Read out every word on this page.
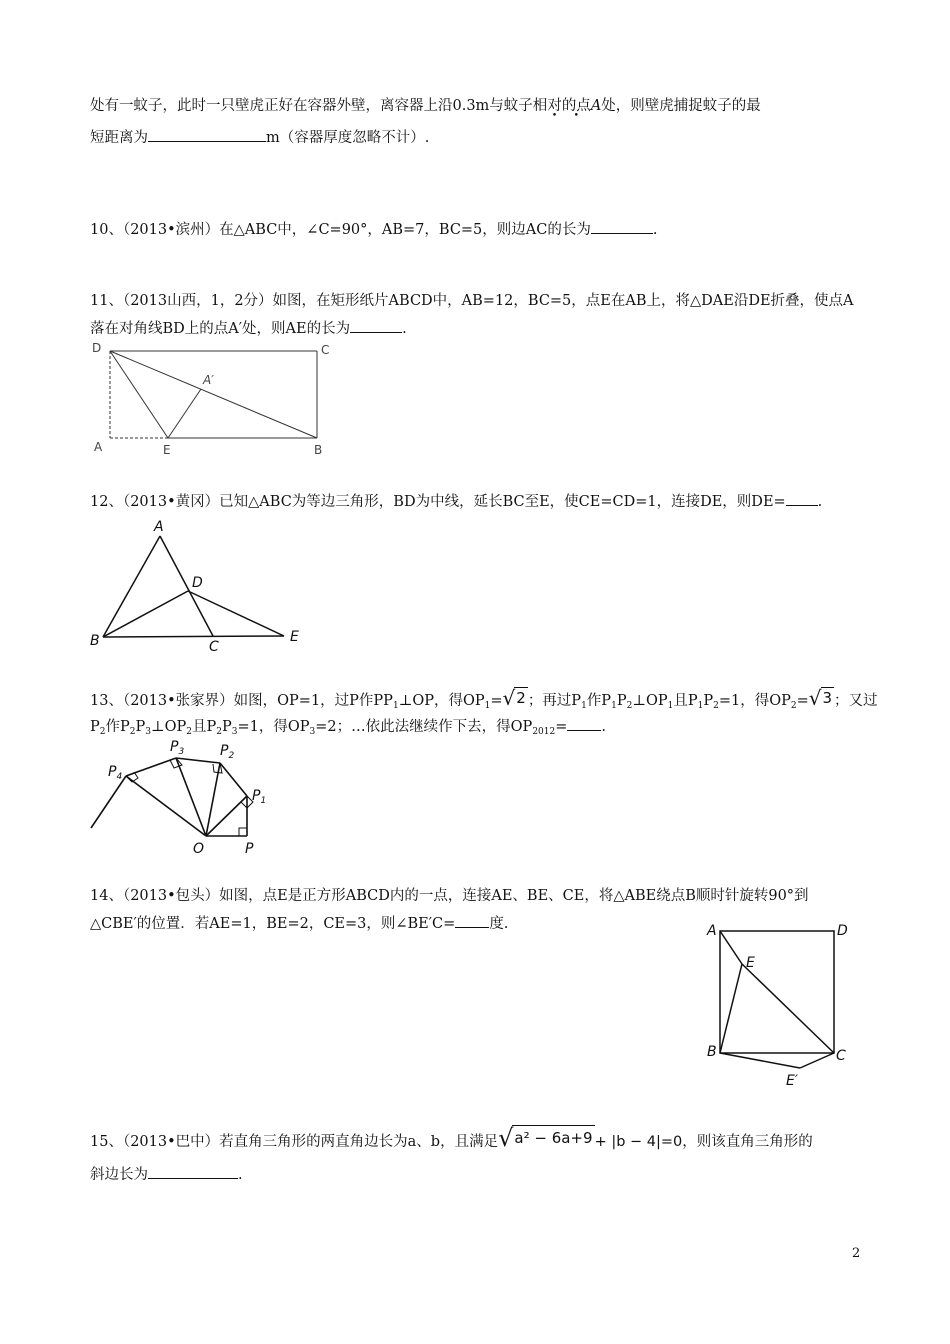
处有一蚊子，此时一只壁虎正好在容器外壁，离容器上沿0.3m与蚊子相对的点A处，则壁虎捕捉蚊子的最
短距离为	m（容器厚度忽略不计）.
10、（2013•滨州）在△ABC中，∠C=90°，AB=7，BC=5，则边AC的长为	.
11、（2013山西，1，2分）如图，在矩形纸片ABCD中，AB=12，BC=5，点E在AB上，将△DAE沿DE折叠，使点A
落在对角线BD上的点A′处，则AE的长为	.
D	C
A′
A	E	B
12、（2013•黄冈）已知△ABC为等边三角形，BD为中线，延长BC至E，使CE=CD=1，连接DE，则DE= .
A
D
B	C
E
13、（2013•张家界）如图，OP=1，过P作$PP_1\perp OP$，得$OP_1=$ √ 2 ；再过$P_1$作$P_1P_2\perp OP_1$且$P_1P_2=1$，得$OP_2=$ √ 3 ；又过
$P_2$作$P_2P_3\perp OP_2$且$P_2P_3=1$，得$OP_3=2$；…依此法继续作下去，得$OP_{2012}=$ .
$P_4$
$P_3$	$P_2$
$P_1$
O	P
14、（2013•包头）如图，点E是正方形ABCD内的一点，连接AE、BE、CE，将△ABE绕点B顺时针旋转90°到
△CBE′的位置．若AE=1，BE=2，CE=3，则∠BE′C= 度.	A	D
E
B	C
E′
15、（2013•巴中）若直角三角形的两直角边长为a、b，且满足 √ a² − 6a+9 + |b − 4|=0，则该直角三角形的
斜边长为	.
2
